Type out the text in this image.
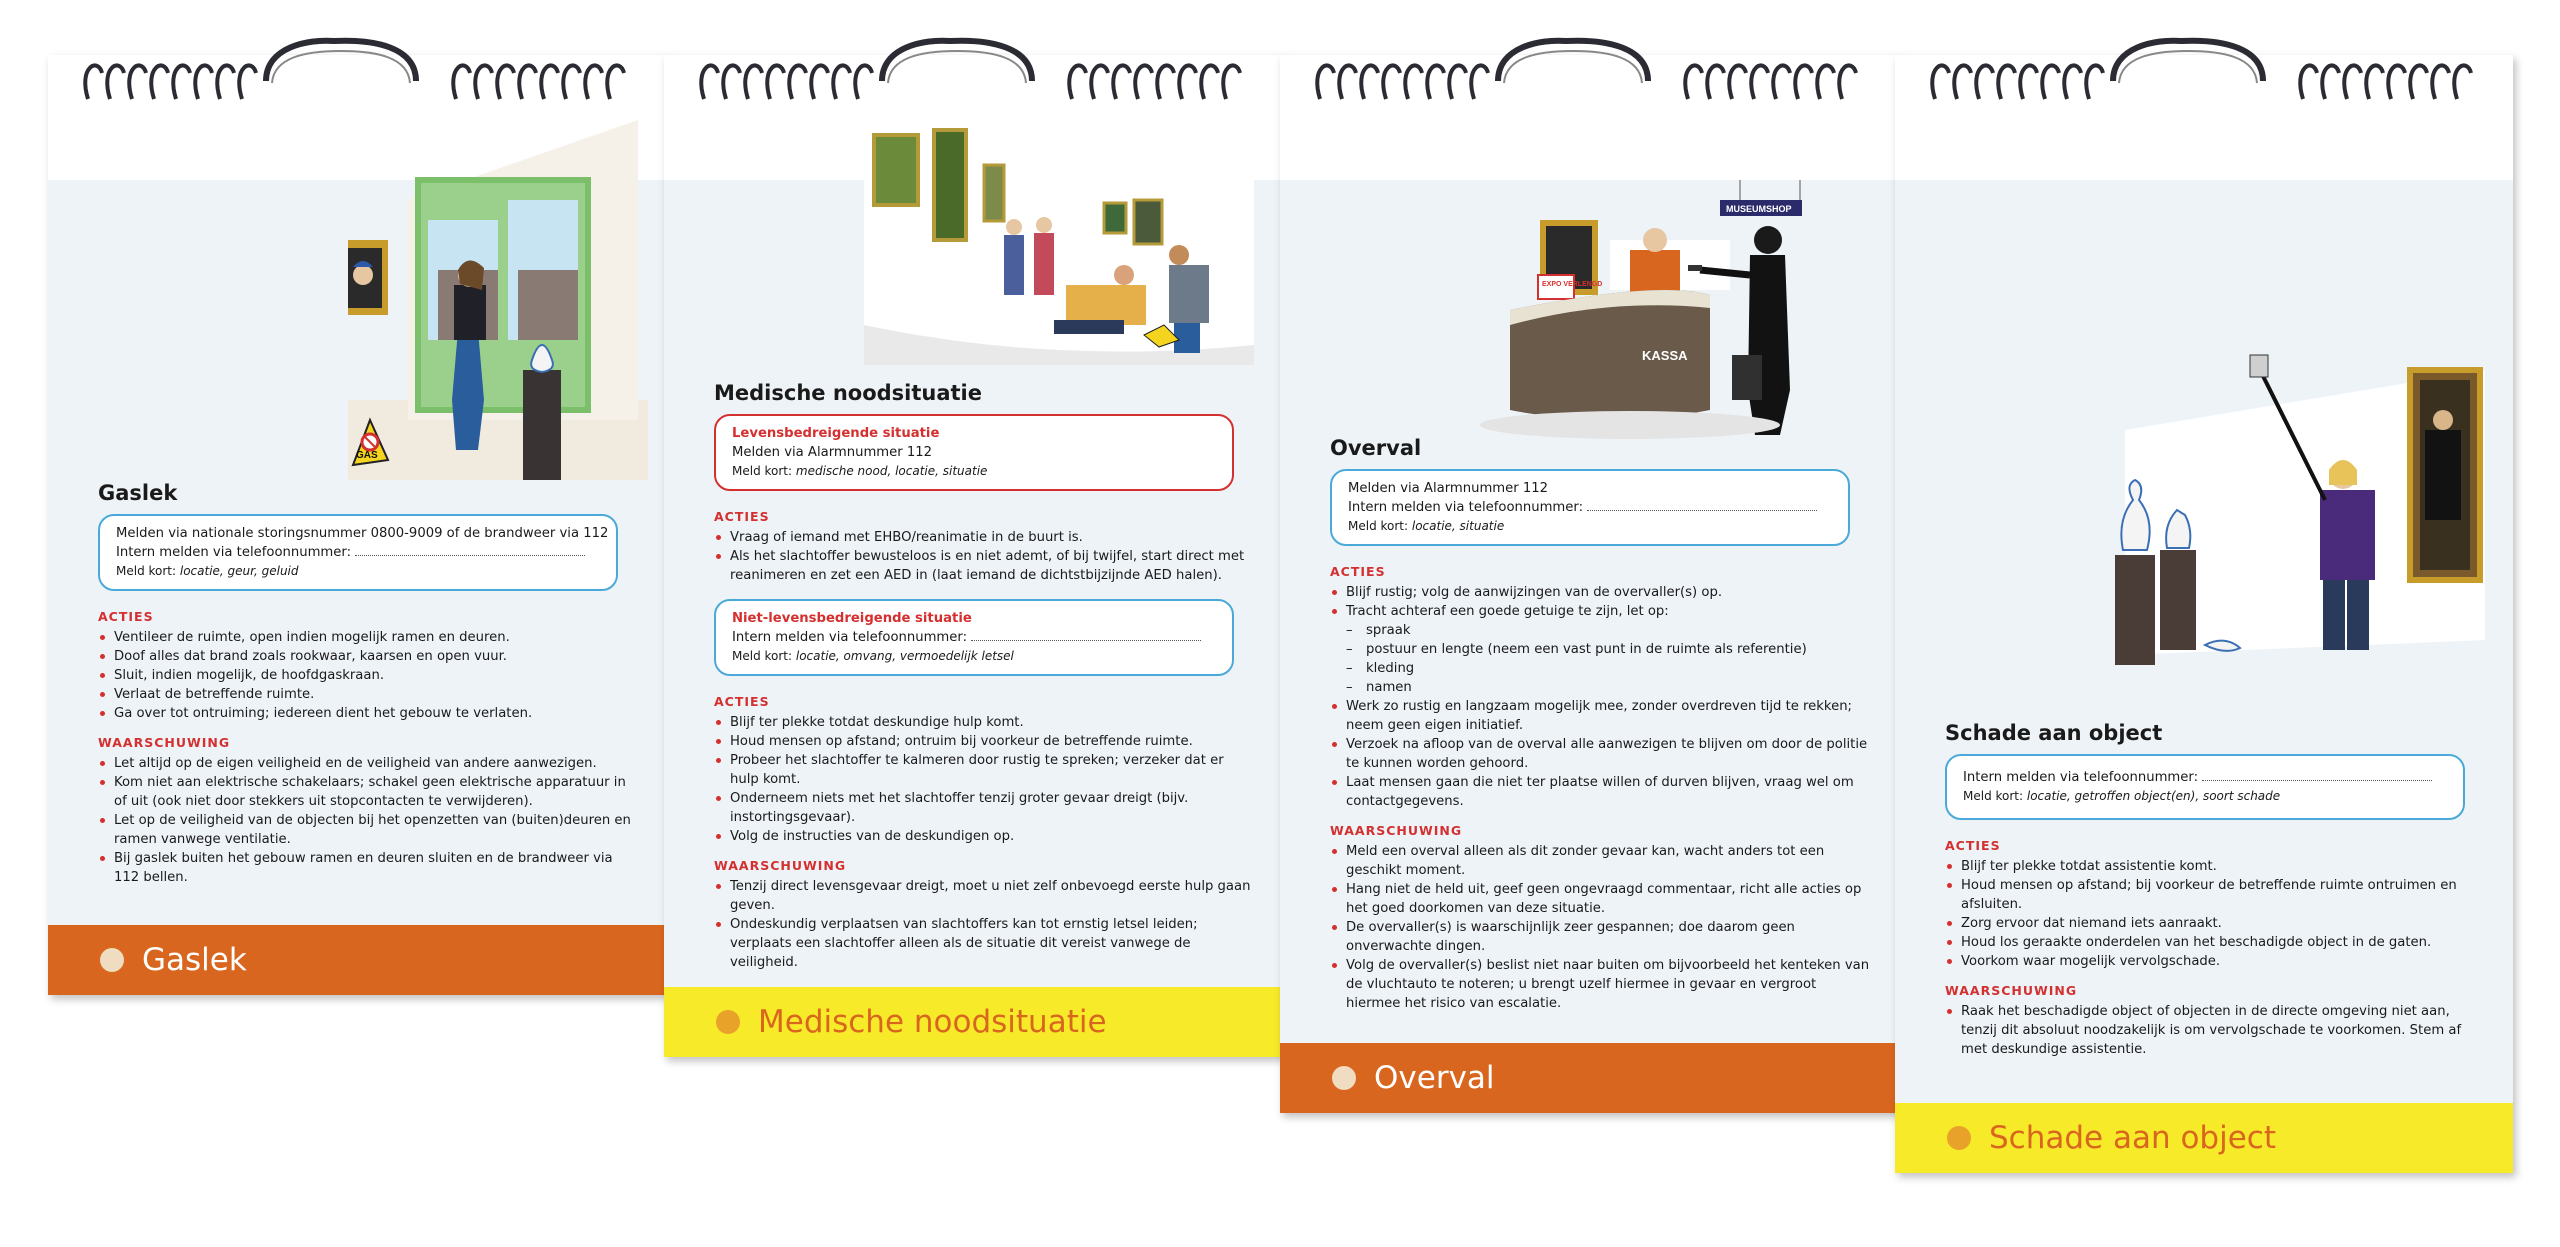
GAS
Gaslek
Melden via nationale storingsnummer 0800-9009 of de brandweer via 112
Intern melden via telefoonnummer:
Meld kort: locatie, geur, geluid
ACTIES
Ventileer de ruimte, open indien mogelijk ramen en deuren.
Doof alles dat brand zoals rookwaar, kaarsen en open vuur.
Sluit, indien mogelijk, de hoofdgaskraan.
Verlaat de betreffende ruimte.
Ga over tot ontruiming; iedereen dient het gebouw te verlaten.
WAARSCHUWING
Let altijd op de eigen veiligheid en de veiligheid van andere aanwezigen.
Kom niet aan elektrische schakelaars; schakel geen elektrische apparatuur in of uit (ook niet door stekkers uit stopcontacten te verwijderen).
Let op de veiligheid van de objecten bij het openzetten van (buiten)deuren en ramen vanwege ventilatie.
Bij gaslek buiten het gebouw ramen en deuren sluiten en de brandweer via 112 bellen.
Gaslek
Medische noodsituatie
Levensbedreigende situatie
Melden via Alarmnummer 112
Meld kort: medische nood, locatie, situatie
ACTIES
Vraag of iemand met EHBO/reanimatie in de buurt is.
Als het slachtoffer bewusteloos is en niet ademt, of bij twijfel, start direct met reanimeren en zet een AED in (laat iemand de dichtstbijzijnde AED halen).
Niet-levensbedreigende situatie
Intern melden via telefoonnummer:
Meld kort: locatie, omvang, vermoedelijk letsel
ACTIES
Blijf ter plekke totdat deskundige hulp komt.
Houd mensen op afstand; ontruim bij voorkeur de betreffende ruimte.
Probeer het slachtoffer te kalmeren door rustig te spreken; verzeker dat er hulp komt.
Onderneem niets met het slachtoffer tenzij groter gevaar dreigt (bijv. instortingsgevaar).
Volg de instructies van de deskundigen op.
WAARSCHUWING
Tenzij direct levensgevaar dreigt, moet u niet zelf onbevoegd eerste hulp gaan geven.
Ondeskundig verplaatsen van slachtoffers kan tot ernstig letsel leiden; verplaats een slachtoffer alleen als de situatie dit vereist vanwege de veiligheid.
Medische noodsituatie
MUSEUMSHOP
EXPO VERLENGD
KASSA
Overval
Melden via Alarmnummer 112
Intern melden via telefoonnummer:
Meld kort: locatie, situatie
ACTIES
Blijf rustig; volg de aanwijzingen van de overvaller(s) op.
Tracht achteraf een goede getuige te zijn, let op:
– spraak
– postuur en lengte (neem een vast punt in de ruimte als referentie)
– kleding
– namen
Werk zo rustig en langzaam mogelijk mee, zonder overdreven tijd te rekken; neem geen eigen initiatief.
Verzoek na afloop van de overval alle aanwezigen te blijven om door de politie te kunnen worden gehoord.
Laat mensen gaan die niet ter plaatse willen of durven blijven, vraag wel om contactgegevens.
WAARSCHUWING
Meld een overval alleen als dit zonder gevaar kan, wacht anders tot een geschikt moment.
Hang niet de held uit, geef geen ongevraagd commentaar, richt alle acties op het goed doorkomen van deze situatie.
De overvaller(s) is waarschijnlijk zeer gespannen; doe daarom geen onverwachte dingen.
Volg de overvaller(s) beslist niet naar buiten om bijvoorbeeld het kenteken van de vluchtauto te noteren; u brengt uzelf hiermee in gevaar en vergroot hiermee het risico van escalatie.
Overval
Schade aan object
Intern melden via telefoonnummer:
Meld kort: locatie, getroffen object(en), soort schade
ACTIES
Blijf ter plekke totdat assistentie komt.
Houd mensen op afstand; bij voorkeur de betreffende ruimte ontruimen en afsluiten.
Zorg ervoor dat niemand iets aanraakt.
Houd los geraakte onderdelen van het beschadigde object in de gaten.
Voorkom waar mogelijk vervolgschade.
WAARSCHUWING
Raak het beschadigde object of objecten in de directe omgeving niet aan, tenzij dit absoluut noodzakelijk is om vervolgschade te voorkomen. Stem af met deskundige assistentie.
Schade aan object
